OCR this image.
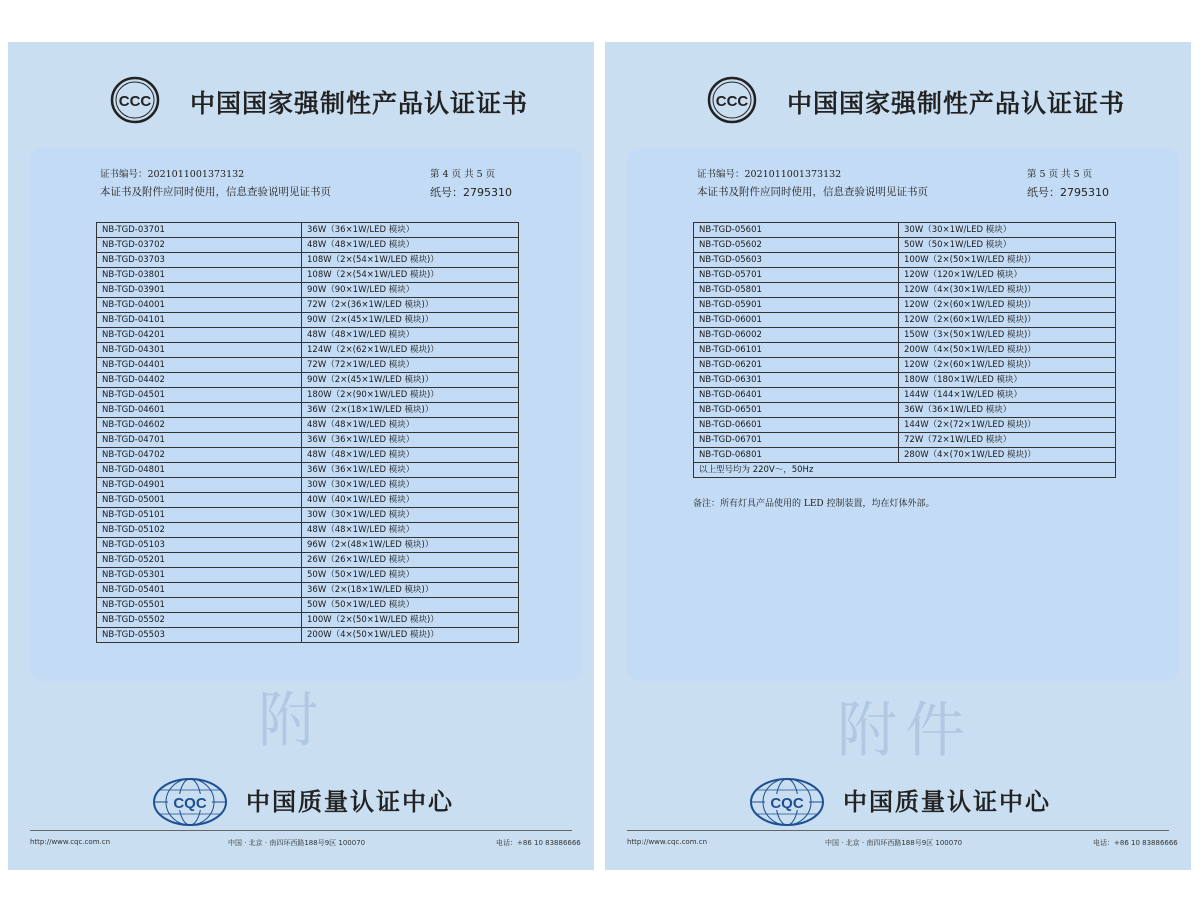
CCC 中国国家强制性产品认证证书
证书编号：2021011001373132	第 4 页 共 5 页
本证书及附件应同时使用，信息查验说明见证书页	纸号：2795310
NB-TGD-03701	36W（36×1W/LED 模块）
NB-TGD-03702	48W（48×1W/LED 模块）
NB-TGD-03703	108W（2×(54×1W/LED 模块)）
NB-TGD-03801	108W（2×(54×1W/LED 模块)）
NB-TGD-03901	90W（90×1W/LED 模块）
NB-TGD-04001	72W（2×(36×1W/LED 模块)）
NB-TGD-04101	90W（2×(45×1W/LED 模块)）
NB-TGD-04201	48W（48×1W/LED 模块）
NB-TGD-04301	124W（2×(62×1W/LED 模块)）
NB-TGD-04401	72W（72×1W/LED 模块）
NB-TGD-04402	90W（2×(45×1W/LED 模块)）
NB-TGD-04501	180W（2×(90×1W/LED 模块)）
NB-TGD-04601	36W（2×(18×1W/LED 模块)）
NB-TGD-04602	48W（48×1W/LED 模块）
NB-TGD-04701	36W（36×1W/LED 模块）
NB-TGD-04702	48W（48×1W/LED 模块）
NB-TGD-04801	36W（36×1W/LED 模块）
NB-TGD-04901	30W（30×1W/LED 模块）
NB-TGD-05001	40W（40×1W/LED 模块）
NB-TGD-05101	30W（30×1W/LED 模块）
NB-TGD-05102	48W（48×1W/LED 模块）
NB-TGD-05103	96W（2×(48×1W/LED 模块)）
NB-TGD-05201	26W（26×1W/LED 模块）
NB-TGD-05301	50W（50×1W/LED 模块）
NB-TGD-05401	36W（2×(18×1W/LED 模块)）
NB-TGD-05501	50W（50×1W/LED 模块）
NB-TGD-05502	100W（2×(50×1W/LED 模块)）
NB-TGD-05503	200W（4×(50×1W/LED 模块)）
附
CQC 中国质量认证中心
http://www.cqc.com.cn	中国 · 北京 · 南四环西路188号9区 100070	电话：+86 10 83886666
CCC 中国国家强制性产品认证证书
证书编号：2021011001373132	第 5 页 共 5 页
本证书及附件应同时使用，信息查验说明见证书页	纸号：2795310
NB-TGD-05601	30W（30×1W/LED 模块）
NB-TGD-05602	50W（50×1W/LED 模块）
NB-TGD-05603	100W（2×(50×1W/LED 模块)）
NB-TGD-05701	120W（120×1W/LED 模块）
NB-TGD-05801	120W（4×(30×1W/LED 模块)）
NB-TGD-05901	120W（2×(60×1W/LED 模块)）
NB-TGD-06001	120W（2×(60×1W/LED 模块)）
NB-TGD-06002	150W（3×(50×1W/LED 模块)）
NB-TGD-06101	200W（4×(50×1W/LED 模块)）
NB-TGD-06201	120W（2×(60×1W/LED 模块)）
NB-TGD-06301	180W（180×1W/LED 模块）
NB-TGD-06401	144W（144×1W/LED 模块）
NB-TGD-06501	36W（36×1W/LED 模块）
NB-TGD-06601	144W（2×(72×1W/LED 模块)）
NB-TGD-06701	72W（72×1W/LED 模块）
NB-TGD-06801	280W（4×(70×1W/LED 模块)）
以上型号均为 220V～，50Hz	
备注：所有灯具产品使用的 LED 控制装置，均在灯体外部。
附件
CQC 中国质量认证中心
http://www.cqc.com.cn	中国 · 北京 · 南四环西路188号9区 100070	电话：+86 10 83886666
